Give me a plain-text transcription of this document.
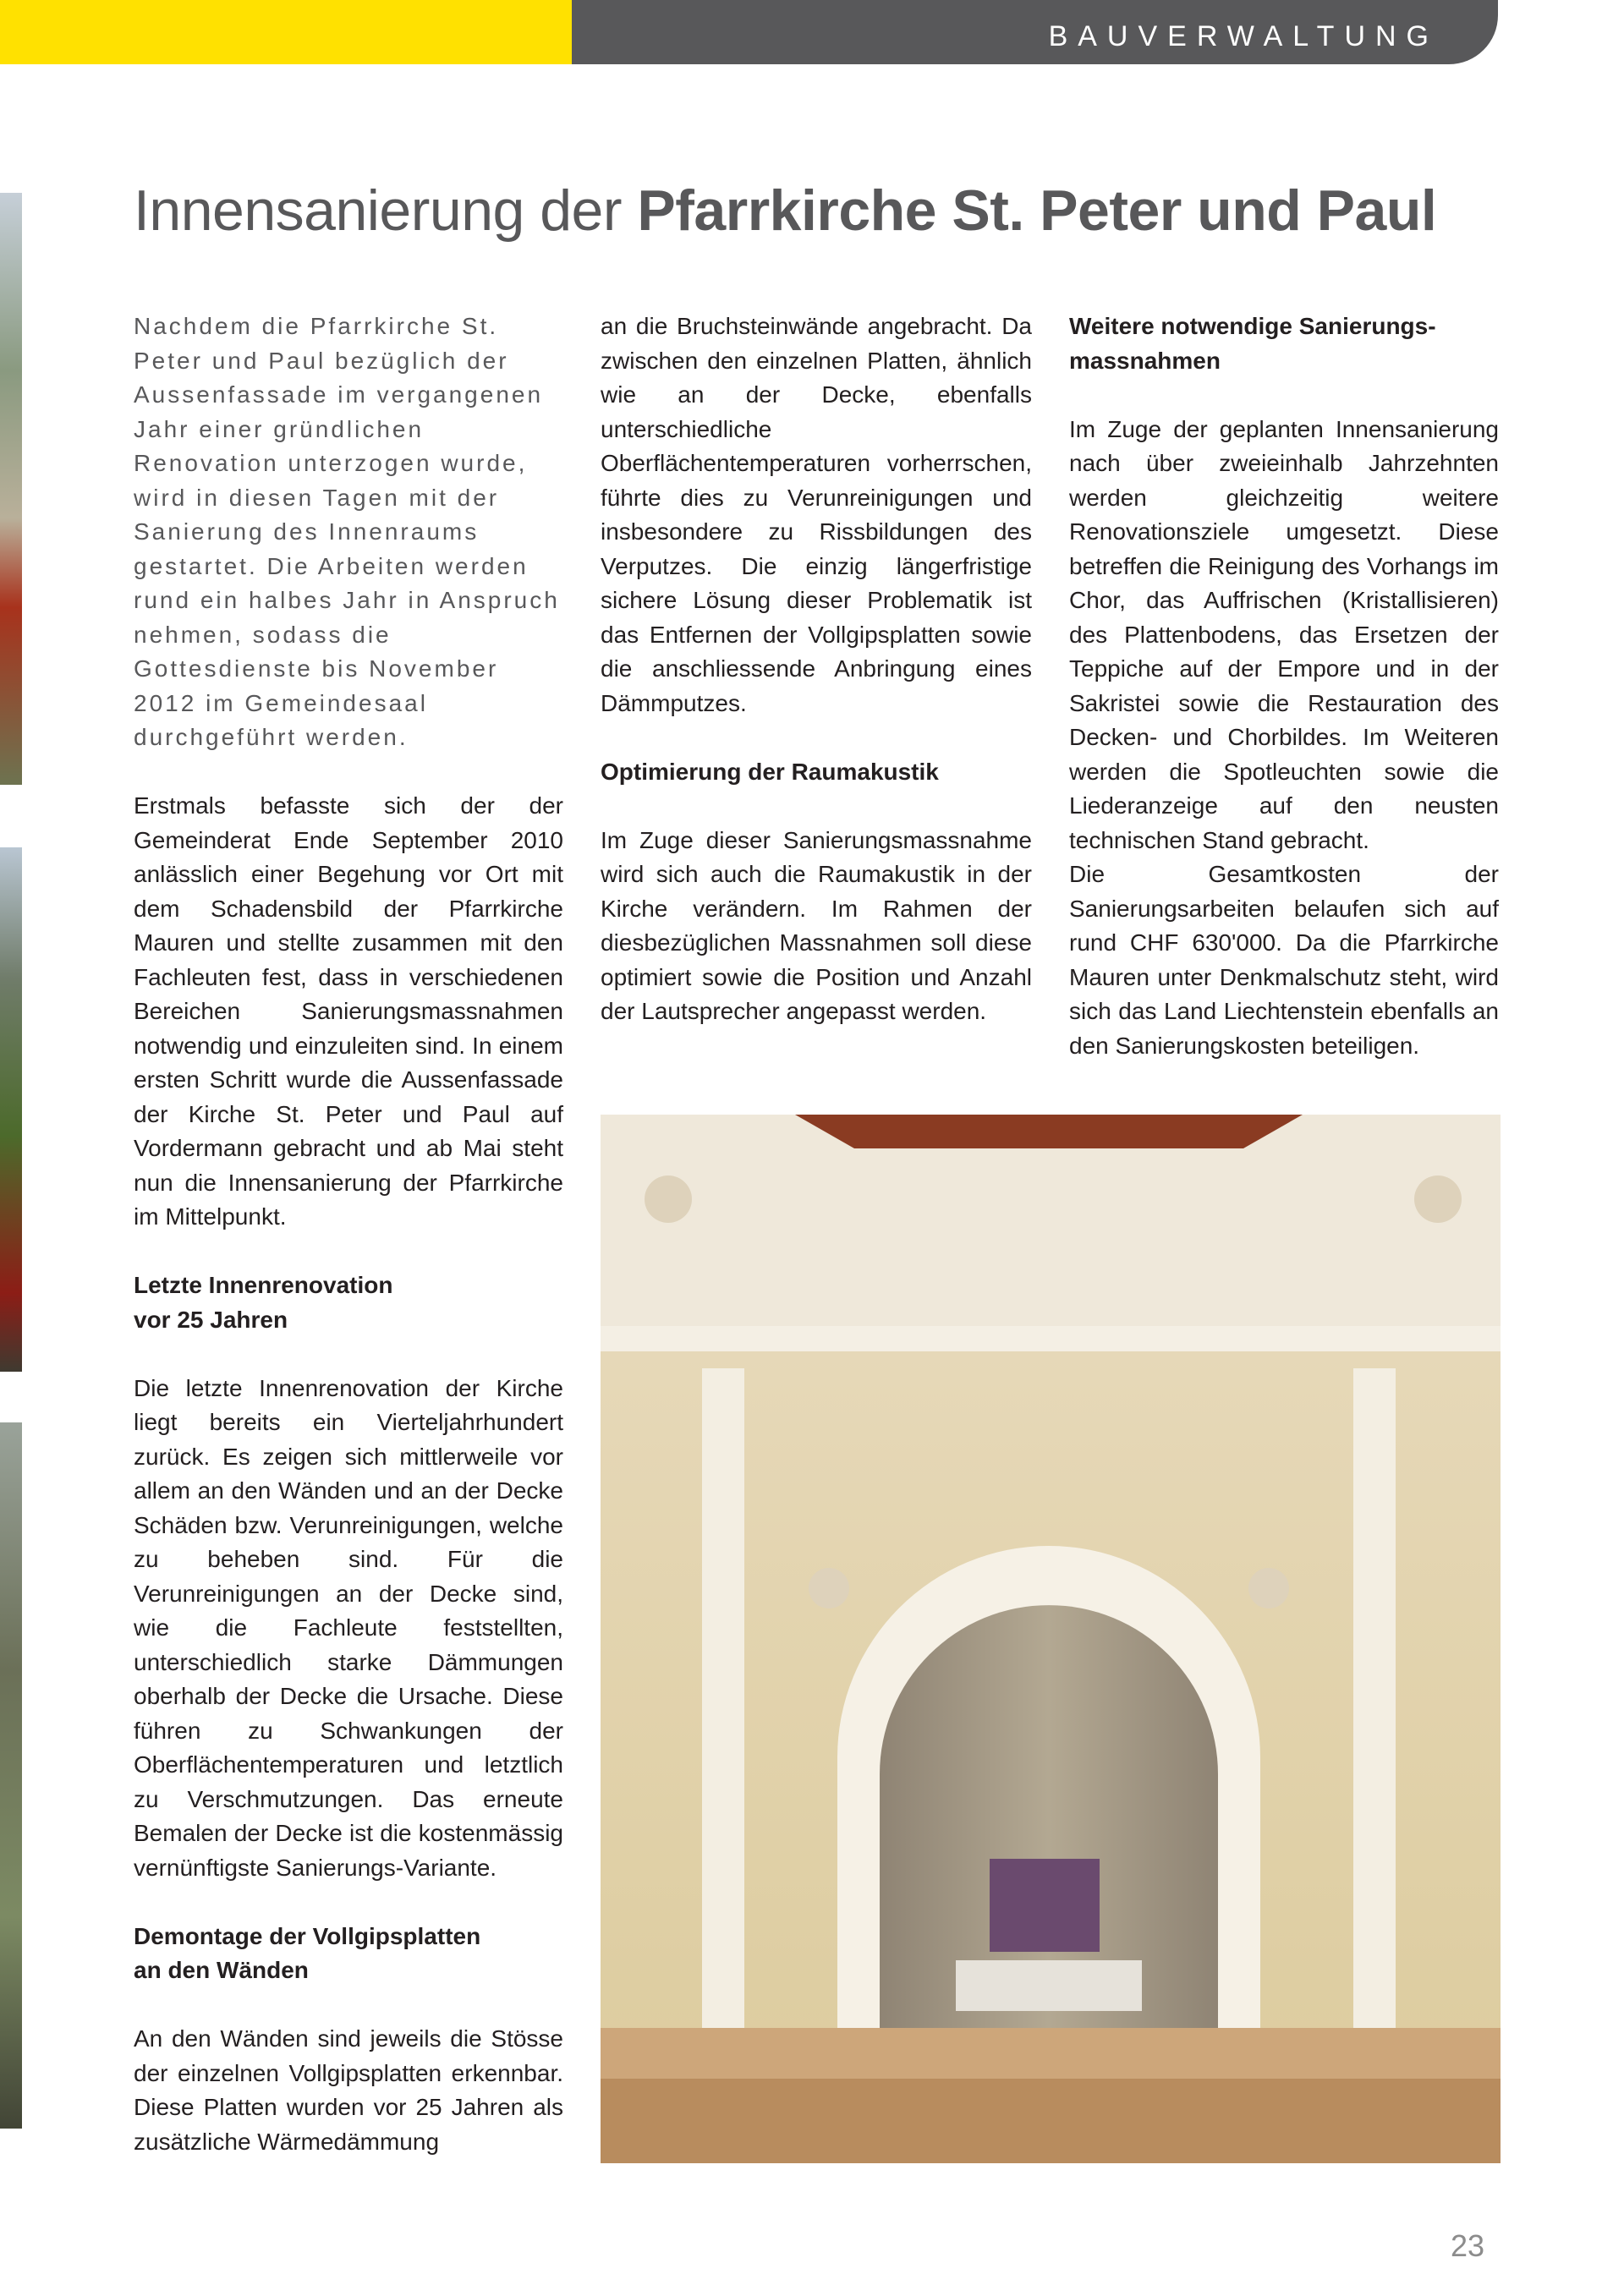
BAUVERWALTUNG
Innensanierung der Pfarrkirche St. Peter und Paul

Nachdem die Pfarrkirche St. Peter und Paul bezüglich der Aussenfassade im vergangenen Jahr einer gründlichen Renovation unterzogen wurde, wird in diesen Tagen mit der Sanierung des Innenraums gestartet. Die Arbeiten werden rund ein halbes Jahr in Anspruch nehmen, sodass die Gottesdienste bis November 2012 im Gemeindesaal durchgeführt werden.

Erstmals befasste sich der der Gemeinderat Ende September 2010 anlässlich einer Begehung vor Ort mit dem Schadensbild der Pfarrkirche Mauren und stellte zusammen mit den Fachleuten fest, dass in verschiedenen Bereichen Sanierungsmassnahmen notwendig und einzuleiten sind. In einem ersten Schritt wurde die Aussenfassade der Kirche St. Peter und Paul auf Vordermann gebracht und ab Mai steht nun die Innensanierung der Pfarrkirche im Mittelpunkt.

Letzte Innenrenovation
vor 25 Jahren

Die letzte Innenrenovation der Kirche liegt bereits ein Vierteljahrhundert zurück. Es zeigen sich mittlerweile vor allem an den Wänden und an der Decke Schäden bzw. Verunreinigungen, welche zu beheben sind. Für die Verunreinigungen an der Decke sind, wie die Fachleute feststellten, unterschiedlich starke Dämmungen oberhalb der Decke die Ursache. Diese führen zu Schwankungen der Oberflächentemperaturen und letztlich zu Verschmutzungen. Das erneute Bemalen der Decke ist die kostenmässig vernünftigste Sanierungs-Variante.

Demontage der Vollgipsplatten
an den Wänden

An den Wänden sind jeweils die Stösse der einzelnen Vollgipsplatten erkennbar. Diese Platten wurden vor 25 Jahren als zusätzliche Wärmedämmung

an die Bruchsteinwände angebracht. Da zwischen den einzelnen Platten, ähnlich wie an der Decke, ebenfalls unterschiedliche Oberflächentemperaturen vorherrschen, führte dies zu Verunreinigungen und insbesondere zu Rissbildungen des Verputzes. Die einzig längerfristige sichere Lösung dieser Problematik ist das Entfernen der Vollgipsplatten sowie die anschliessende Anbringung eines Dämmputzes.

Optimierung der Raumakustik

Im Zuge dieser Sanierungsmassnahme wird sich auch die Raumakustik in der Kirche verändern. Im Rahmen der diesbezüglichen Massnahmen soll diese optimiert sowie die Position und Anzahl der Lautsprecher angepasst werden.

Weitere notwendige Sanierungs-
massnahmen

Im Zuge der geplanten Innensanierung nach über zweieinhalb Jahrzehnten werden gleichzeitig weitere Renovationsziele umgesetzt. Diese betreffen die Reinigung des Vorhangs im Chor, das Auffrischen (Kristallisieren) des Plattenbodens, das Ersetzen der Teppiche auf der Empore und in der Sakristei sowie die Restauration des Decken- und Chorbildes. Im Weiteren werden die Spotleuchten sowie die Liederanzeige auf den neusten technischen Stand gebracht.

Die Gesamtkosten der Sanierungsarbeiten belaufen sich auf rund CHF 630'000. Da die Pfarrkirche Mauren unter Denkmalschutz steht, wird sich das Land Liechtenstein ebenfalls an den Sanierungskosten beteiligen.

23
